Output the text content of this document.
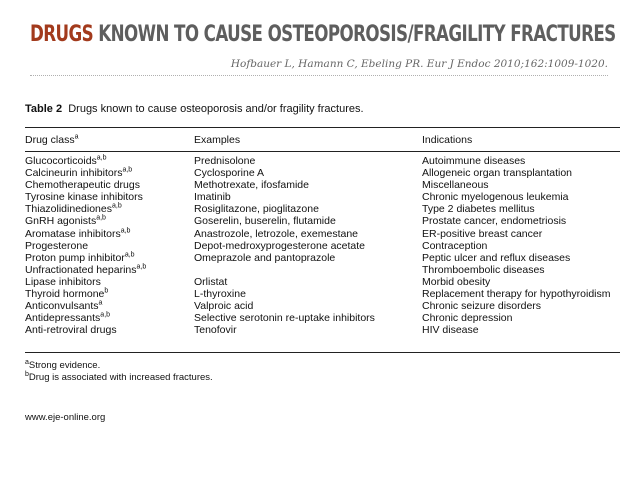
DRUGS KNOWN TO CAUSE OSTEOPOROSIS/FRAGILITY FRACTURES
Hofbauer L, Hamann C, Ebeling PR. Eur J Endoc 2010;162:1009-1020.
Table 2 Drugs known to cause osteoporosis and/or fragility fractures.
Drug class$^a$	Examples	Indications
Glucocorticoids$^{a,b}$	Prednisolone	Autoimmune diseases
Calcineurin inhibitors$^{a,b}$	Cyclosporine A	Allogeneic organ transplantation
Chemotherapeutic drugs	Methotrexate, ifosfamide	Miscellaneous
Tyrosine kinase inhibitors	Imatinib	Chronic myelogenous leukemia
Thiazolidinediones$^{a,b}$	Rosiglitazone, pioglitazone	Type 2 diabetes mellitus
GnRH agonists$^{a,b}$	Goserelin, buserelin, flutamide	Prostate cancer, endometriosis
Aromatase inhibitors$^{a,b}$	Anastrozole, letrozole, exemestane	ER-positive breast cancer
Progesterone	Depot-medroxyprogesterone acetate	Contraception
Proton pump inhibitor$^{a,b}$	Omeprazole and pantoprazole	Peptic ulcer and reflux diseases
Unfractionated heparins$^{a,b}$		Thromboembolic diseases
Lipase inhibitors	Orlistat	Morbid obesity
Thyroid hormone$^b$	L-thyroxine	Replacement therapy for hypothyroidism
Anticonvulsants$^a$	Valproic acid	Chronic seizure disorders
Antidepressants$^{a,b}$	Selective serotonin re-uptake inhibitors	Chronic depression
Anti-retroviral drugs	Tenofovir	HIV disease
$^a$Strong evidence.
$^b$Drug is associated with increased fractures.
www.eje-online.org
